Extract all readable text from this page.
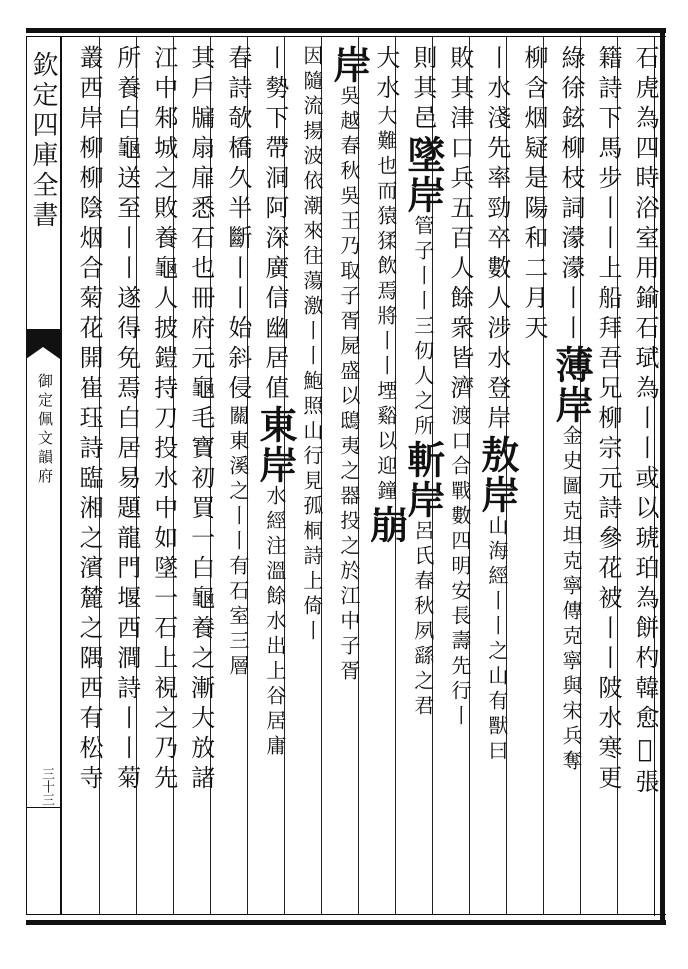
欽定四庫全書
御定佩文韻府
三十三	石虎為四時浴室用鍮石珷為丨丨或以琥珀為餅杓韓愈𣈆張
籍詩下馬步丨丨上船拜吾兄柳宗元詩參花被丨丨陂水寒更
綠徐鉉柳枝詞濛濛丨丨薄岸金史圖克坦克寧傳克寧與宋兵奪
柳含烟疑是陽和二月天
丨水淺先率勁卒數人涉水登岸敖岸山海經丨丨之山有獸曰
敗其津口兵五百人餘衆皆濟渡口合戰數四明安長壽先行丨
則其邑墜岸管子丨丨三仞人之所斬岸呂氏春秋夙繇之君
大水大難也而猿猱飲焉將丨丨堙谿以迎鐘崩
岸吳越春秋吳王乃取子胥屍盛以鴟夷之器投之於江中子胥
因隨流揚波依潮來往蕩激丨丨鮑照山行見孤桐詩上倚丨
丨勢下帶洞阿深廣信幽居值東岸水經注溫餘水出上谷居庸
春詩欹橋久半斷丨丨始斜侵關東溪之丨丨有石室三層
其戶牖扇扉悉石也冊府元龜毛寶初買一白龜養之漸大放諸
江中邾城之敗養龜人披鎧持刀投水中如墜一石上視之乃先
所養白龜送至丨丨遂得免焉白居易題龍門堰西澗詩丨丨菊
叢西岸柳柳陰烟合菊花開崔珏詩臨湘之濱麓之隅西有松寺
